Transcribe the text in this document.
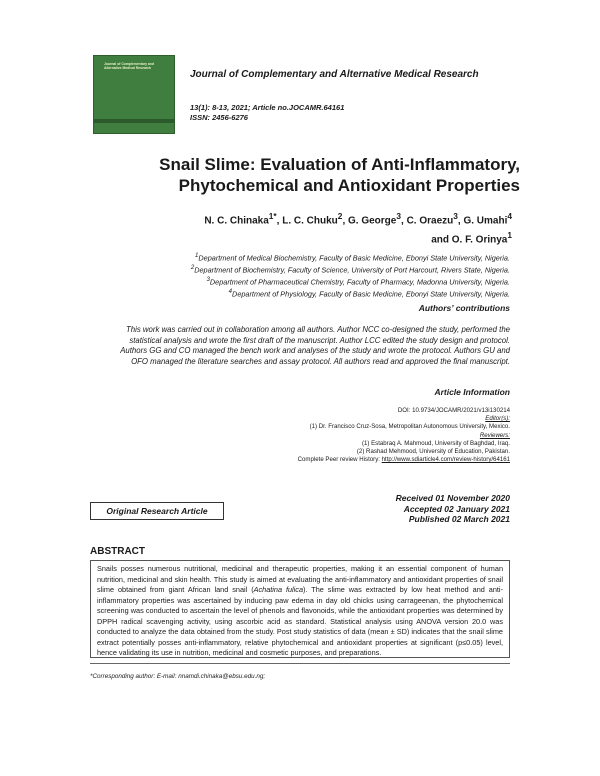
Journal of Complementary and Alternative Medical Research
Journal of Complementary and Alternative Medical Research
13(1): 8-13, 2021; Article no.JOCAMR.64161
ISSN: 2456-6276
Snail Slime: Evaluation of Anti-Inflammatory,
Phytochemical and Antioxidant Properties
N. C. Chinaka$^{1*}$, L. C. Chuku$^2$, G. George$^3$, C. Oraezu$^3$, G. Umahi$^4$
and O. F. Orinya$^1$
$^1$Department of Medical Biochemistry, Faculty of Basic Medicine, Ebonyi State University, Nigeria.
$^2$Department of Biochemistry, Faculty of Science, University of Port Harcourt, Rivers State, Nigeria.
$^3$Department of Pharmaceutical Chemistry, Faculty of Pharmacy, Madonna University, Nigeria.
$^4$Department of Physiology, Faculty of Basic Medicine, Ebonyi State University, Nigeria.
Authors’ contributions
This work was carried out in collaboration among all authors. Author NCC co-designed the study, performed the statistical analysis and wrote the first draft of the manuscript. Author LCC edited the study design and protocol. Authors GG and CO managed the bench work and analyses of the study and wrote the protocol. Authors GU and OFO managed the literature searches and assay protocol. All authors read and approved the final manuscript.
Article Information
DOI: 10.9734/JOCAMR/2021/v13i130214
Editor(s):
(1) Dr. Francisco Cruz-Sosa, Metropolitan Autonomous University, Mexico.
Reviewers:
(1) Estabraq A. Mahmoud, University of Baghdad, Iraq.
(2) Rashad Mehmood, University of Education, Pakistan.
Complete Peer review History: http://www.sdiarticle4.com/review-history/64161
Original Research Article
Received 01 November 2020
Accepted 02 January 2021
Published 02 March 2021
ABSTRACT
Snails posses numerous nutritional, medicinal and therapeutic properties, making it an essential component of human nutrition, medicinal and skin health. This study is aimed at evaluating the anti-inflammatory and antioxidant properties of snail slime obtained from giant African land snail (Achatina fulica). The slime was extracted by low heat method and anti-inflammatory properties was ascertained by inducing paw edema in day old chicks using carrageenan, the phytochemical screening was conducted to ascertain the level of phenols and flavonoids, while the antioxidant properties was determined by DPPH radical scavenging activity, using ascorbic acid as standard. Statistical analysis using ANOVA version 20.0 was conducted to analyze the data obtained from the study. Post study statistics of data (mean ± SD) indicates that the snail slime extract potentially posses anti-inflammatory, relative phytochemical and antioxidant properties at significant (p≤0.05) level, hence validating its use in nutrition, medicinal and cosmetic purposes, and preparations.
*Corresponding author: E-mail: nnamdi.chinaka@ebsu.edu.ng;
